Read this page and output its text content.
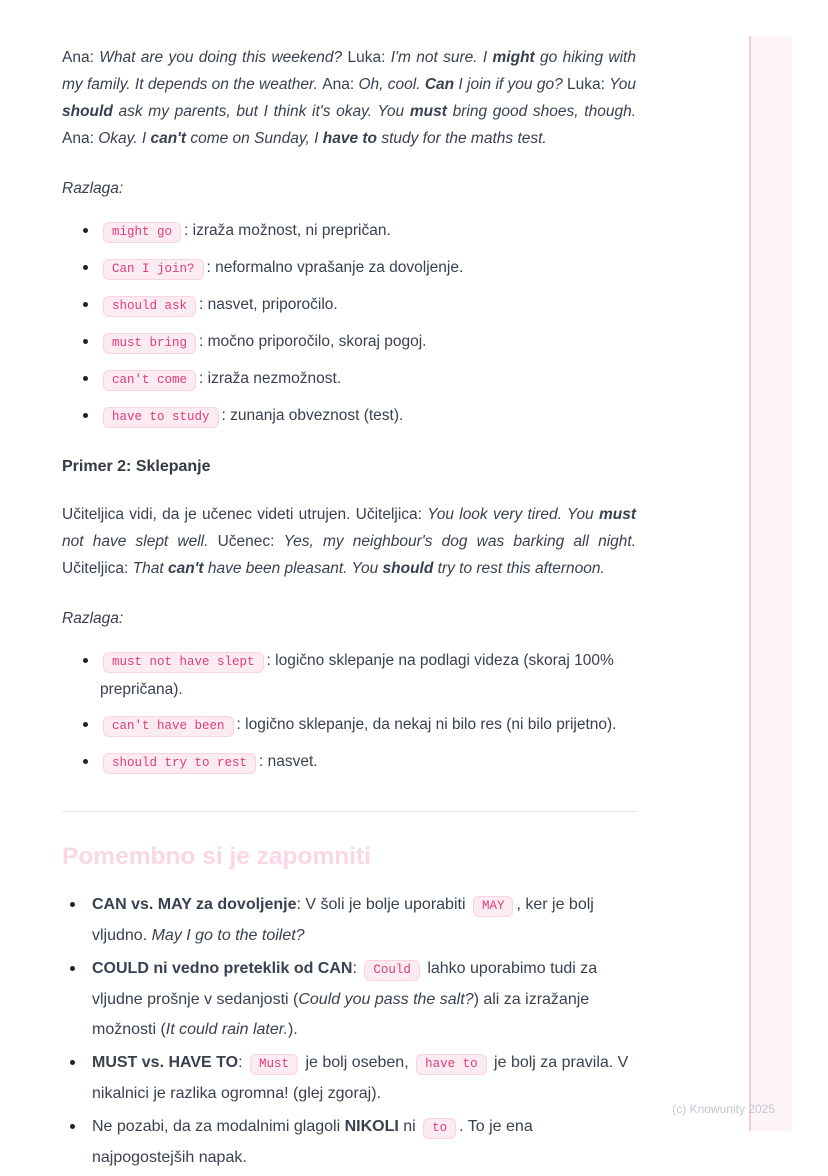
Ana: What are you doing this weekend? Luka: I'm not sure. I might go hiking with my family. It depends on the weather. Ana: Oh, cool. Can I join if you go? Luka: You should ask my parents, but I think it's okay. You must bring good shoes, though. Ana: Okay. I can't come on Sunday, I have to study for the maths test.

Razlaga:
might go : izraža možnost, ni prepričan.
Can I join? : neformalno vprašanje za dovoljenje.
should ask : nasvet, priporočilo.
must bring : močno priporočilo, skoraj pogoj.
can't come : izraža nezmožnost.
have to study : zunanja obveznost (test).
Primer 2: Sklepanje

Učiteljica vidi, da je učenec videti utrujen. Učiteljica: You look very tired. You must not have slept well. Učenec: Yes, my neighbour's dog was barking all night. Učiteljica: That can't have been pleasant. You should try to rest this afternoon.

Razlaga:
must not have slept : logično sklepanje na podlagi videza (skoraj 100% prepričana).
can't have been : logično sklepanje, da nekaj ni bilo res (ni bilo prijetno).
should try to rest : nasvet.
Pomembno si je zapomniti
CAN vs. MAY za dovoljenje: V šoli je bolje uporabiti MAY , ker je bolj vljudno. May I go to the toilet?
COULD ni vedno preteklik od CAN: Could lahko uporabimo tudi za vljudne prošnje v sedanjosti (Could you pass the salt?) ali za izražanje možnosti (It could rain later.).
MUST vs. HAVE TO: Must je bolj oseben, have to je bolj za pravila. V nikalnici je razlika ogromna! (glej zgoraj).
Ne pozabi, da za modalnimi glagoli NIKOLI ni to . To je ena najpogostejših napak.
(c) Knowunity 2025
